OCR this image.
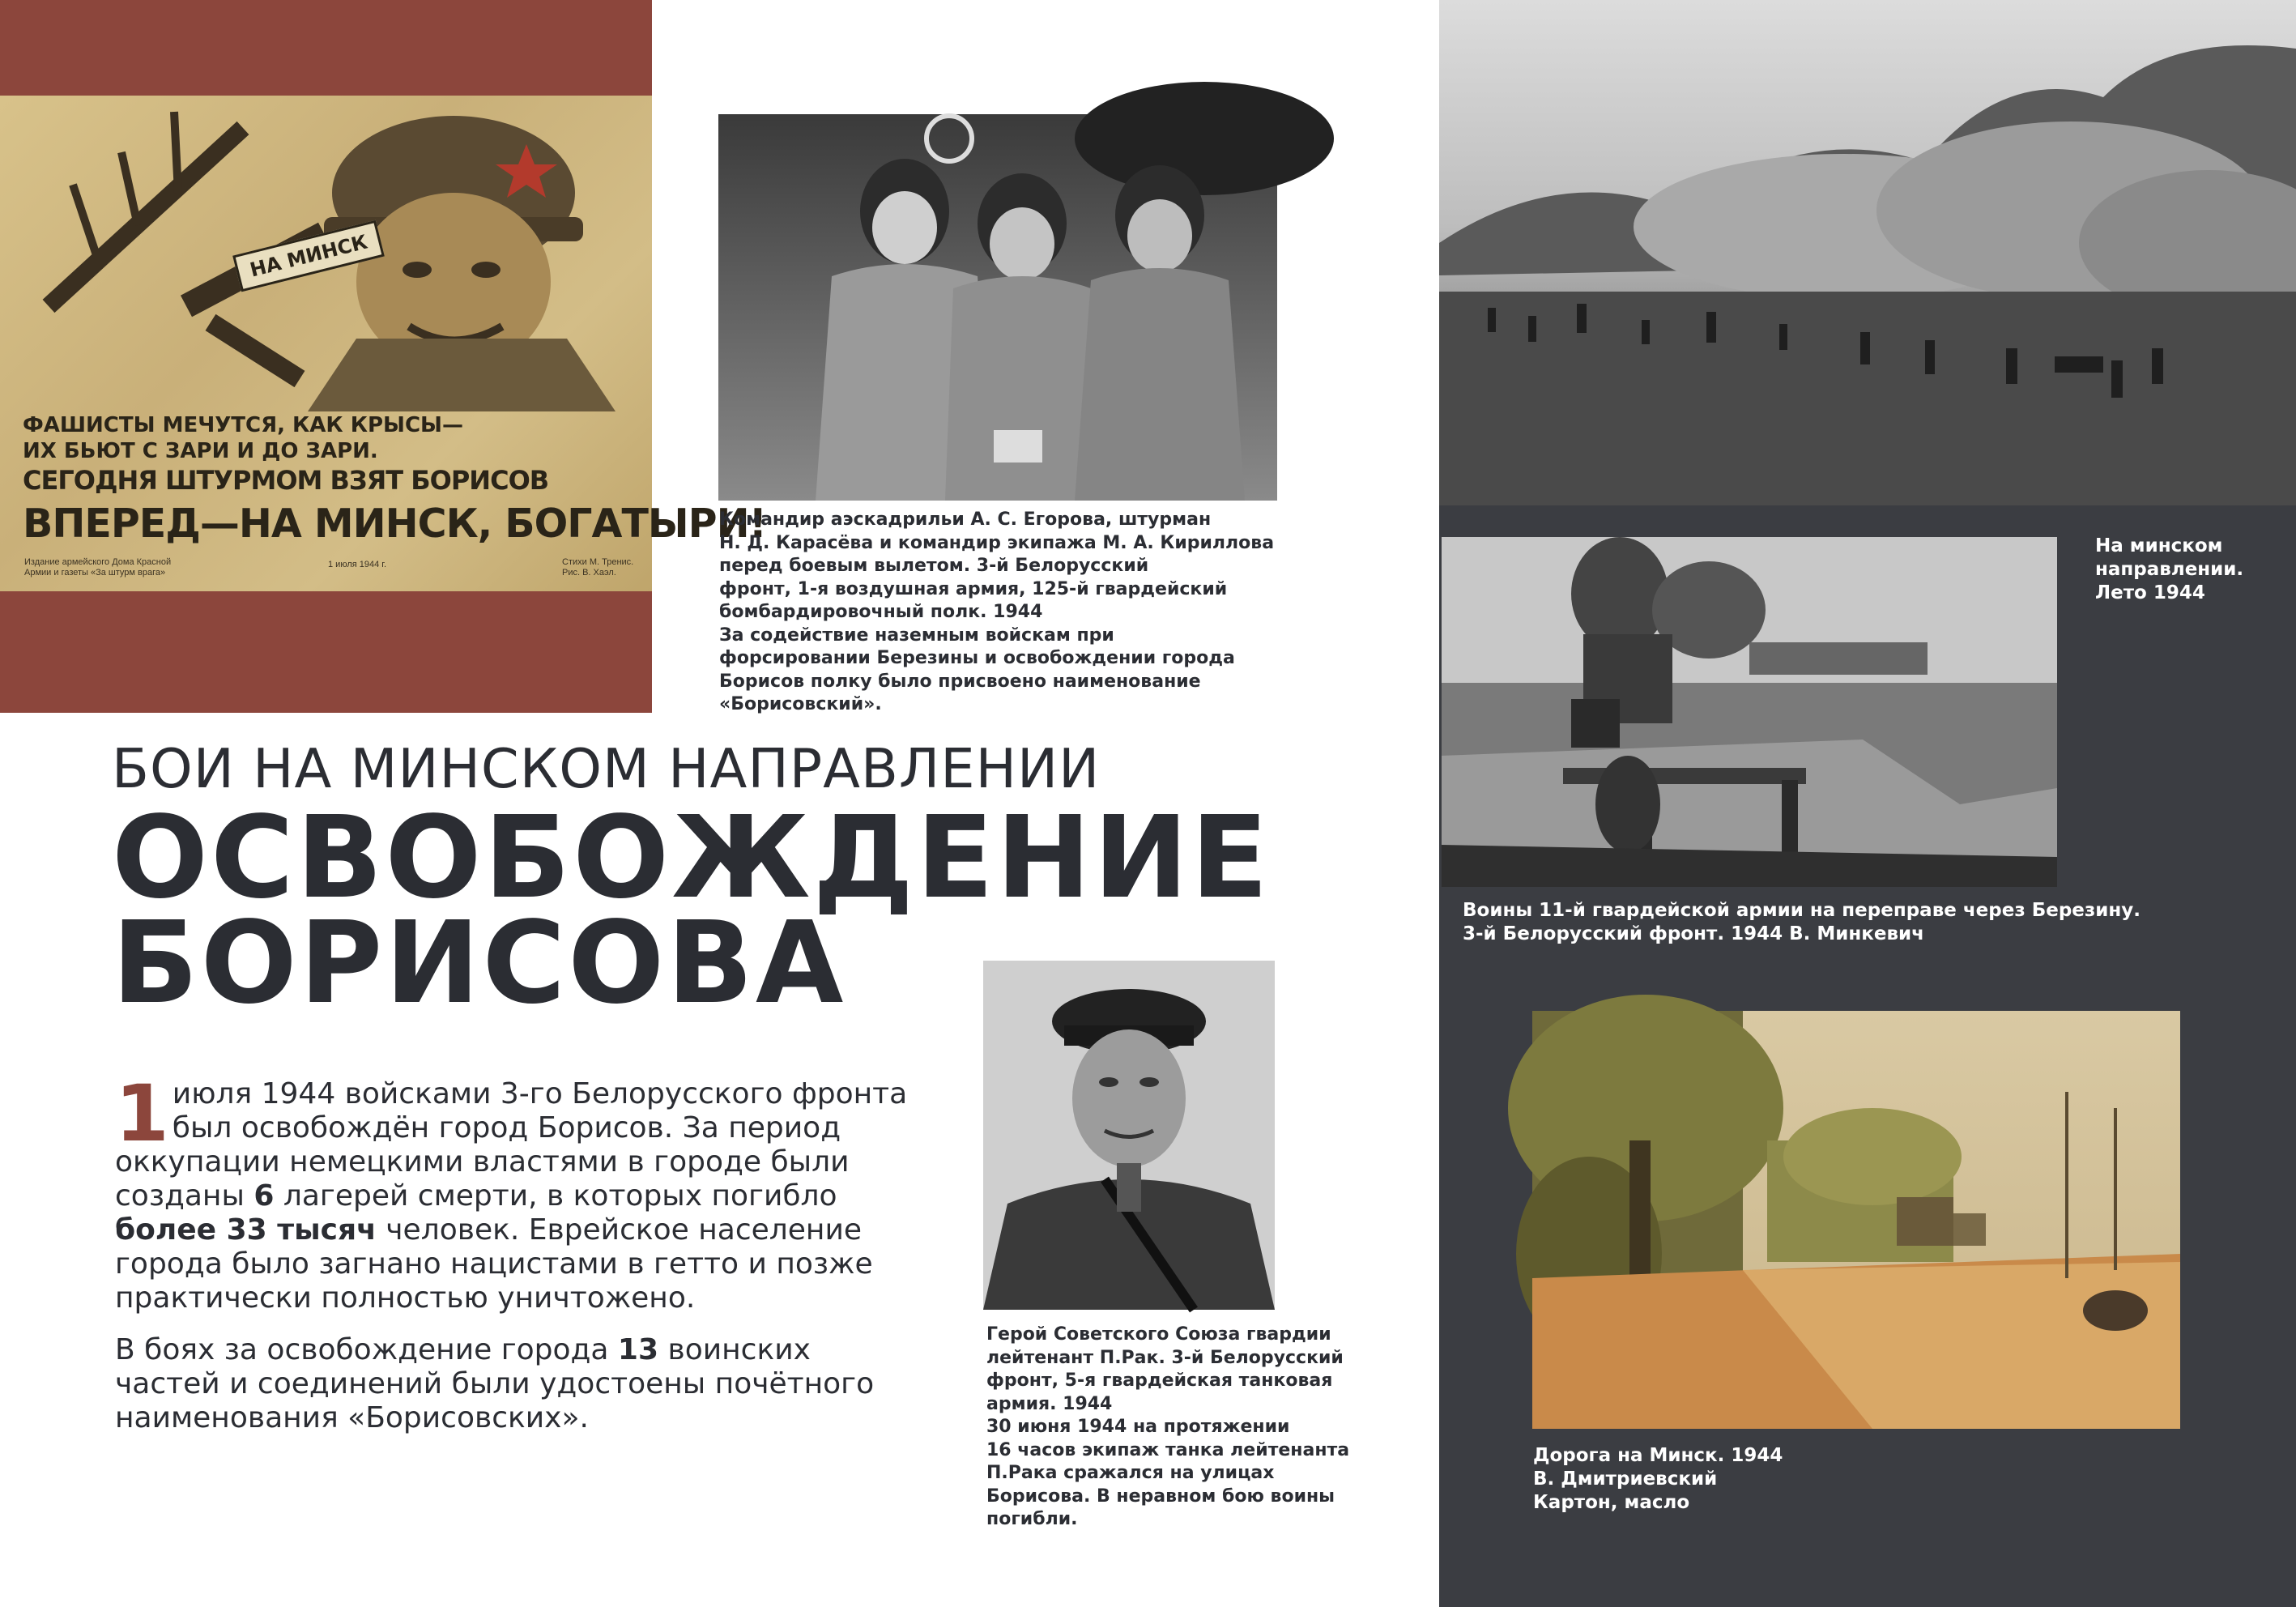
НА МИНСК
ФАШИСТЫ МЕЧУТСЯ, КАК КРЫСЫ—
ИХ БЬЮТ С ЗАРИ И ДО ЗАРИ.
СЕГОДНЯ ШТУРМОМ ВЗЯТ БОРИСОВ
ВПЕРЕД—НА МИНСК, БОГАТЫРИ!
Издание армейского Дома Красной Армии и газеты «За штурм врага»
1 июля 1944 г.	Стихи М. Тренис. Рис. В. Хаэл.
Командир аэскадрильи А. С. Егорова, штурман
Н. Д. Карасёва и командир экипажа М. А. Кириллова
перед боевым вылетом. 3-й Белорусский
фронт, 1-я воздушная армия, 125-й гвардейский
бомбардировочный полк. 1944
За содействие наземным войскам при
форсировании Березины и освобождении города
Борисов полку было присвоено наименование
«Борисовский».
БОИ НА МИНСКОМ НАПРАВЛЕНИИ
ОСВОБОЖДЕНИЕ
БОРИСОВА

1 июля 1944 войсками 3-го Белорусского фронта был освобождён город Борисов. За период оккупации немецкими властями в городе были созданы 6 лагерей смерти, в которых погибло более 33 тысяч человек. Еврейское население города было загнано нацистами в гетто и позже практически полностью уничтожено.

В боях за освобождение города 13 воинских частей и соединений были удостоены почётного наименования «Борисовских».

Герой Советского Союза гвардии
лейтенант П.Рак. 3-й Белорусский
фронт, 5-я гвардейская танковая
армия. 1944
30 июня 1944 на протяжении
16 часов экипаж танка лейтенанта
П.Рака сражался на улицах
Борисова. В неравном бою воины
погибли.
На минском
направлении.
Лето 1944
Воины 11-й гвардейской армии на переправе через Березину.
3-й Белорусский фронт. 1944 В. Минкевич
Дорога на Минск. 1944
В. Дмитриевский
Картон, масло
